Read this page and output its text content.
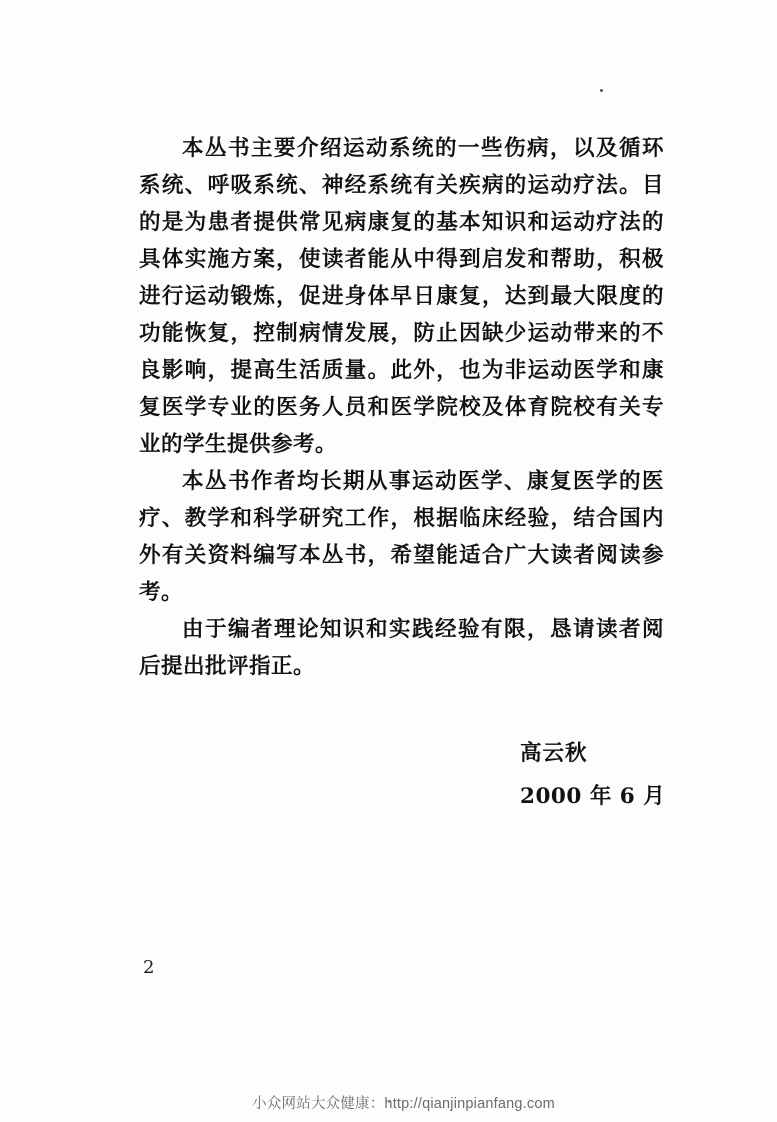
本丛书主要介绍运动系统的一些伤病，以及循环系统、呼吸系统、神经系统有关疾病的运动疗法。目的是为患者提供常见病康复的基本知识和运动疗法的具体实施方案，使读者能从中得到启发和帮助，积极进行运动锻炼，促进身体早日康复，达到最大限度的功能恢复，控制病情发展，防止因缺少运动带来的不良影响，提高生活质量。此外，也为非运动医学和康复医学专业的医务人员和医学院校及体育院校有关专业的学生提供参考。

本丛书作者均长期从事运动医学、康复医学的医疗、教学和科学研究工作，根据临床经验，结合国内外有关资料编写本丛书，希望能适合广大读者阅读参考。

由于编者理论知识和实践经验有限，恳请读者阅后提出批评指正。

高云秋
2000 年 6 月
2
小众网站大众健康：http://qianjinpianfang.com
